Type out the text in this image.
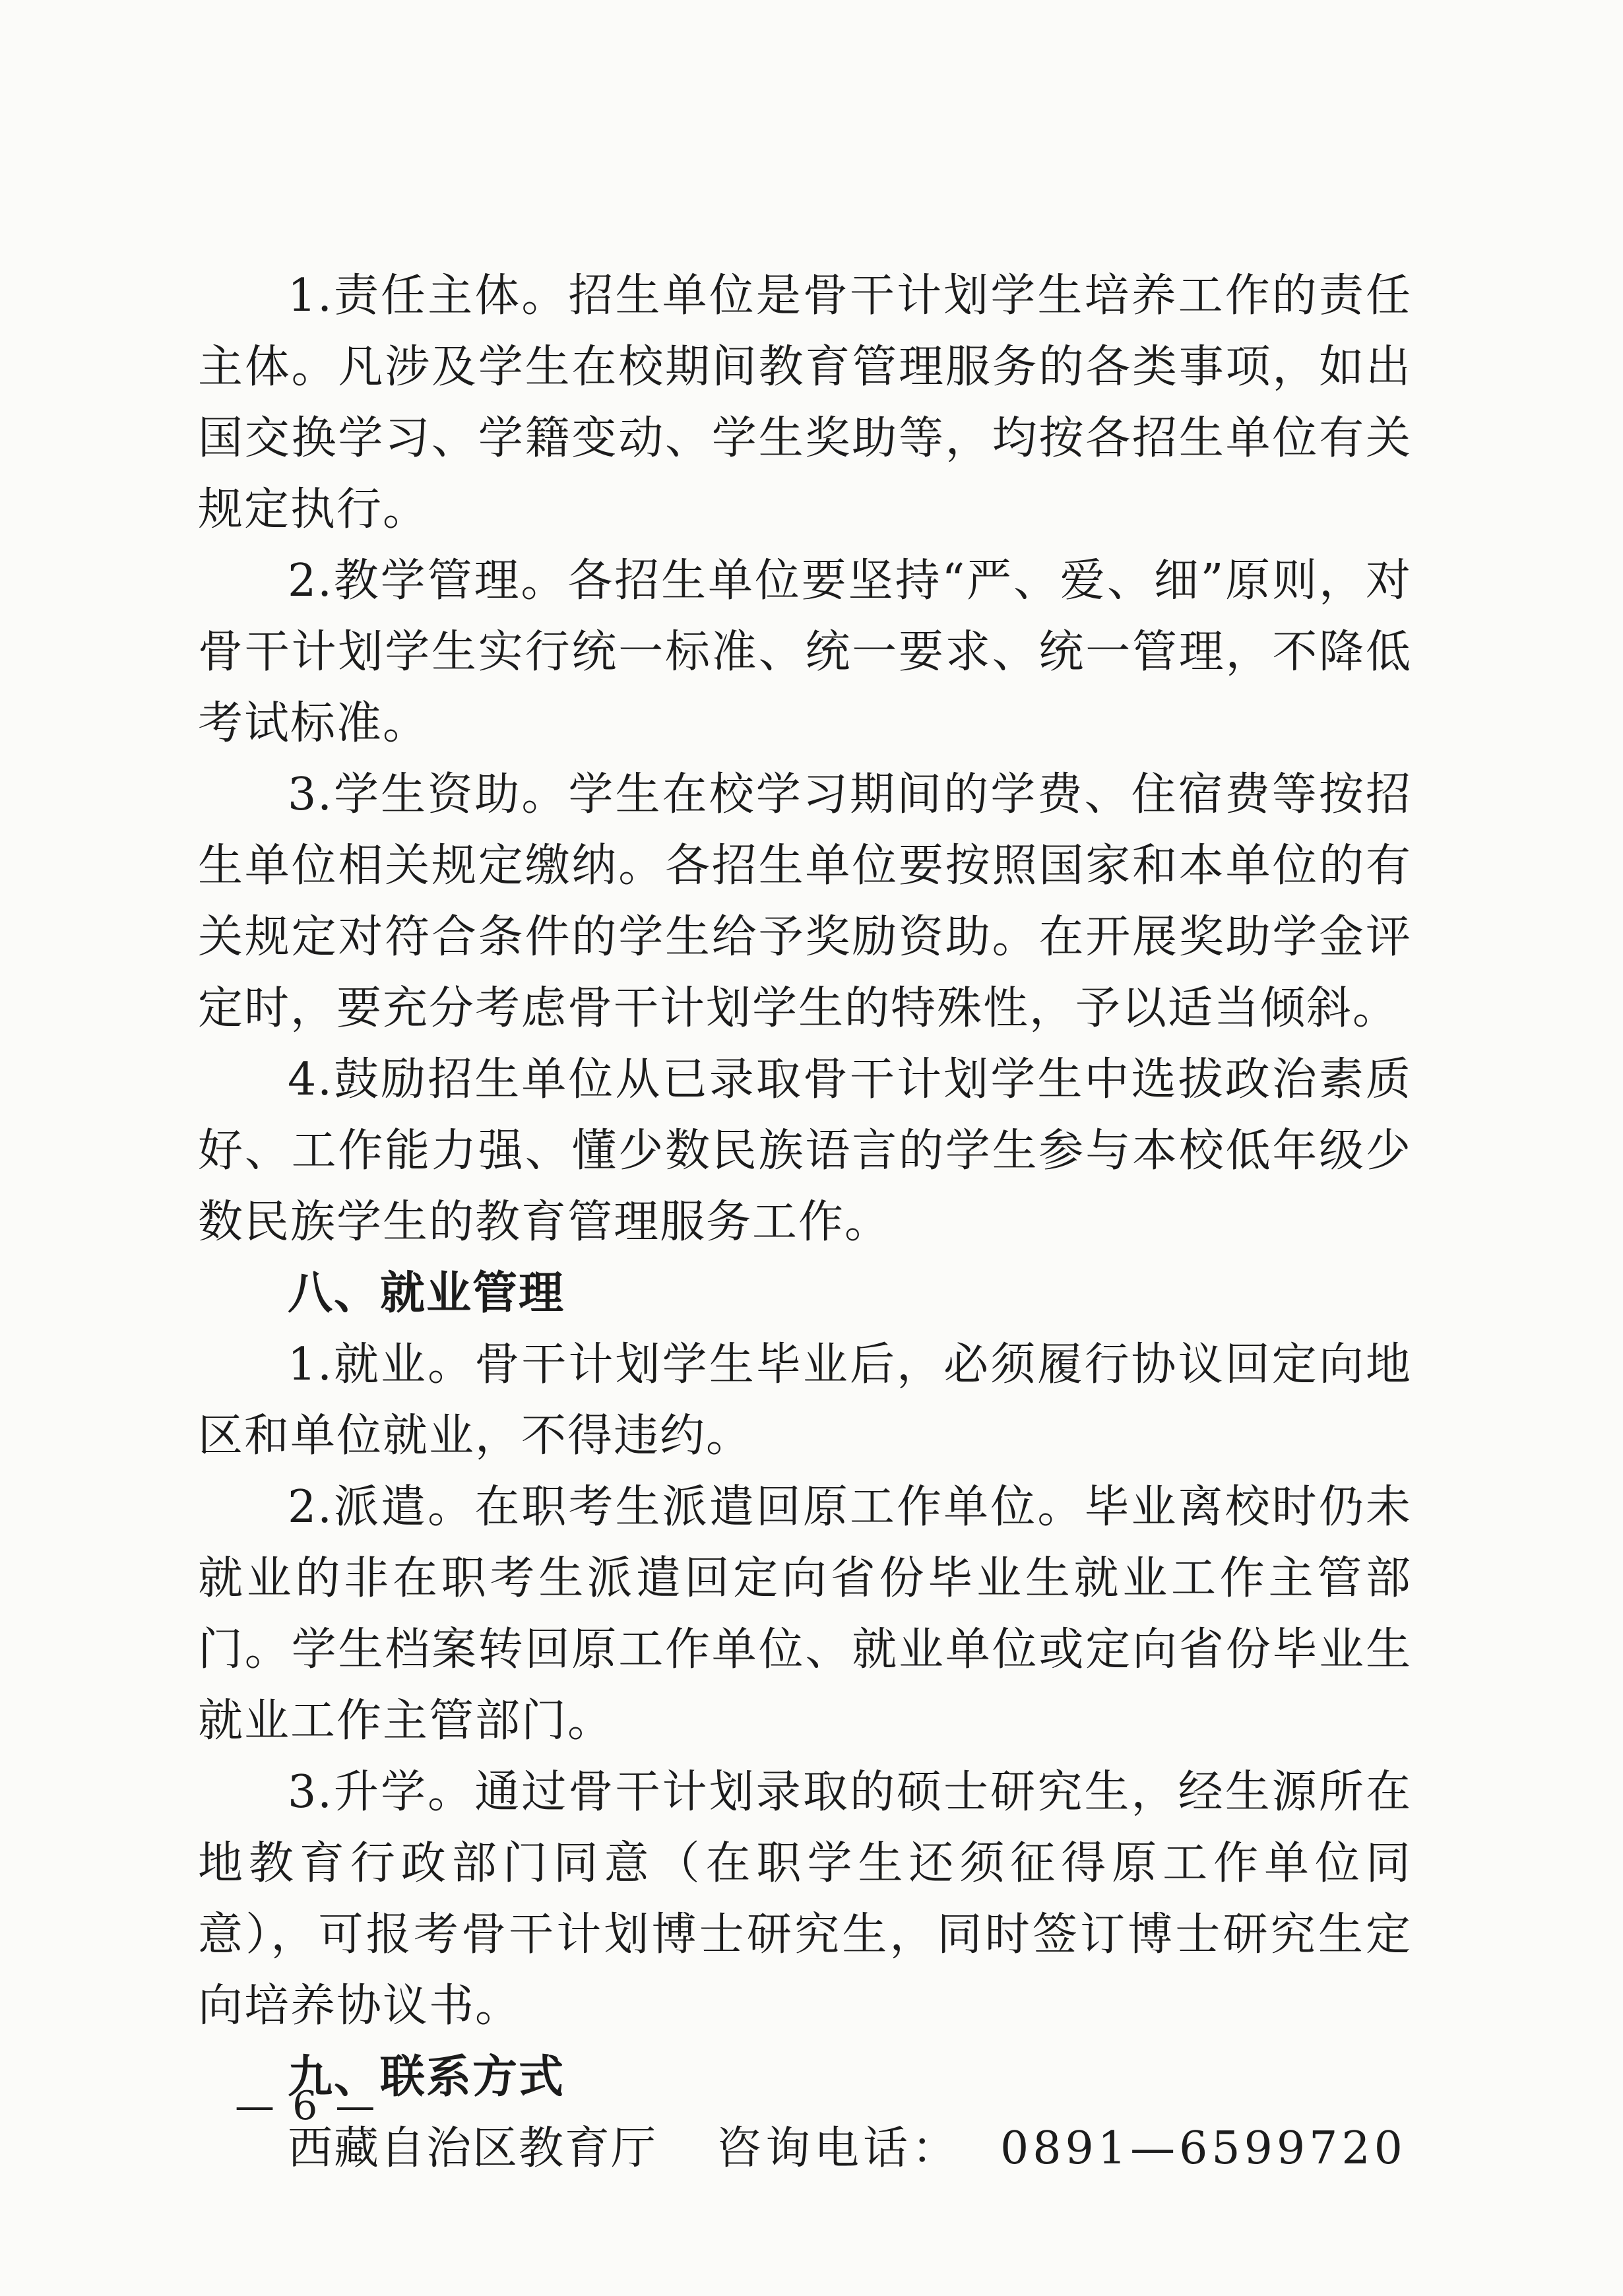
1.责任主体。招生单位是骨干计划学生培养工作的责任主体。凡涉及学生在校期间教育管理服务的各类事项，如出国交换学习、学籍变动、学生奖助等，均按各招生单位有关规定执行。

2.教学管理。各招生单位要坚持“严、爱、细”原则，对骨干计划学生实行统一标准、统一要求、统一管理，不降低考试标准。

3.学生资助。学生在校学习期间的学费、住宿费等按招生单位相关规定缴纳。各招生单位要按照国家和本单位的有关规定对符合条件的学生给予奖励资助。在开展奖助学金评定时，要充分考虑骨干计划学生的特殊性，予以适当倾斜。

4.鼓励招生单位从已录取骨干计划学生中选拔政治素质好、工作能力强、懂少数民族语言的学生参与本校低年级少数民族学生的教育管理服务工作。

八、就业管理

1.就业。骨干计划学生毕业后，必须履行协议回定向地区和单位就业，不得违约。

2.派遣。在职考生派遣回原工作单位。毕业离校时仍未就业的非在职考生派遣回定向省份毕业生就业工作主管部门。学生档案转回原工作单位、就业单位或定向省份毕业生就业工作主管部门。

3.升学。通过骨干计划录取的硕士研究生，经生源所在地教育行政部门同意（在职学生还须征得原工作单位同意），可报考骨干计划博士研究生，同时签订博士研究生定向培养协议书。

九、联系方式

西藏自治区教育厅 咨询电话： 0891—6599720

— 6 —
